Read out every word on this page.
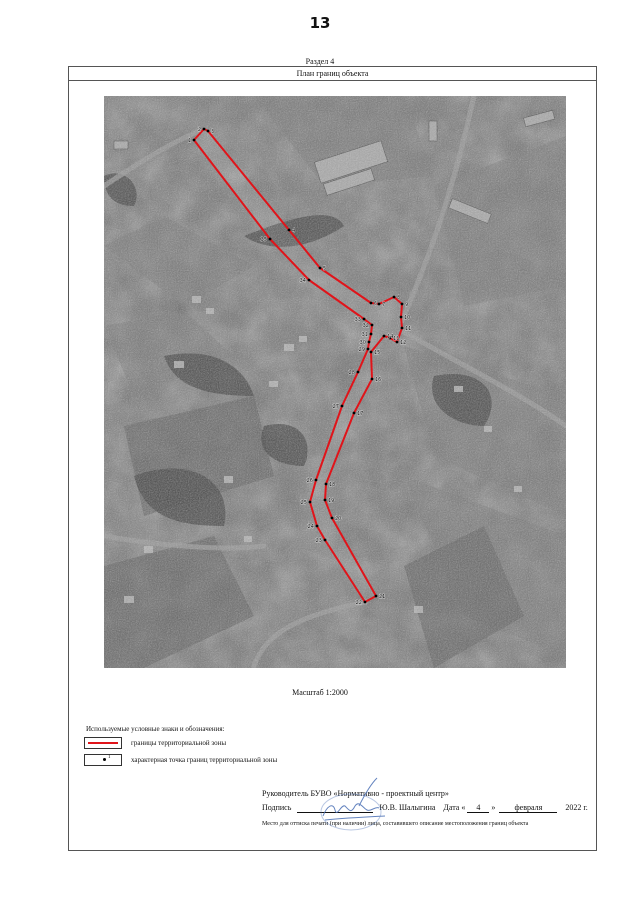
13
Раздел 4
План границ объекта
1
2 3
4
5
6 7
8
9
10
11
12
13
14
15
16
17
18
19
20
21
22
23
24
25
26
27
28
29
30
31
32
33
34
35
Масштаб 1:2000
Используемые условные знаки и обозначения:
границы территориальной зоны
1	характерная точка границ территориальной зоны
Руководитель БУВО «Нормативно - проектный центр»
Подпись	Ю.В. Шалыгина Дата « 4 » февраля	2022 г.
Место для оттиска печати (при наличии) лица, составившего описание местоположения границ объекта
